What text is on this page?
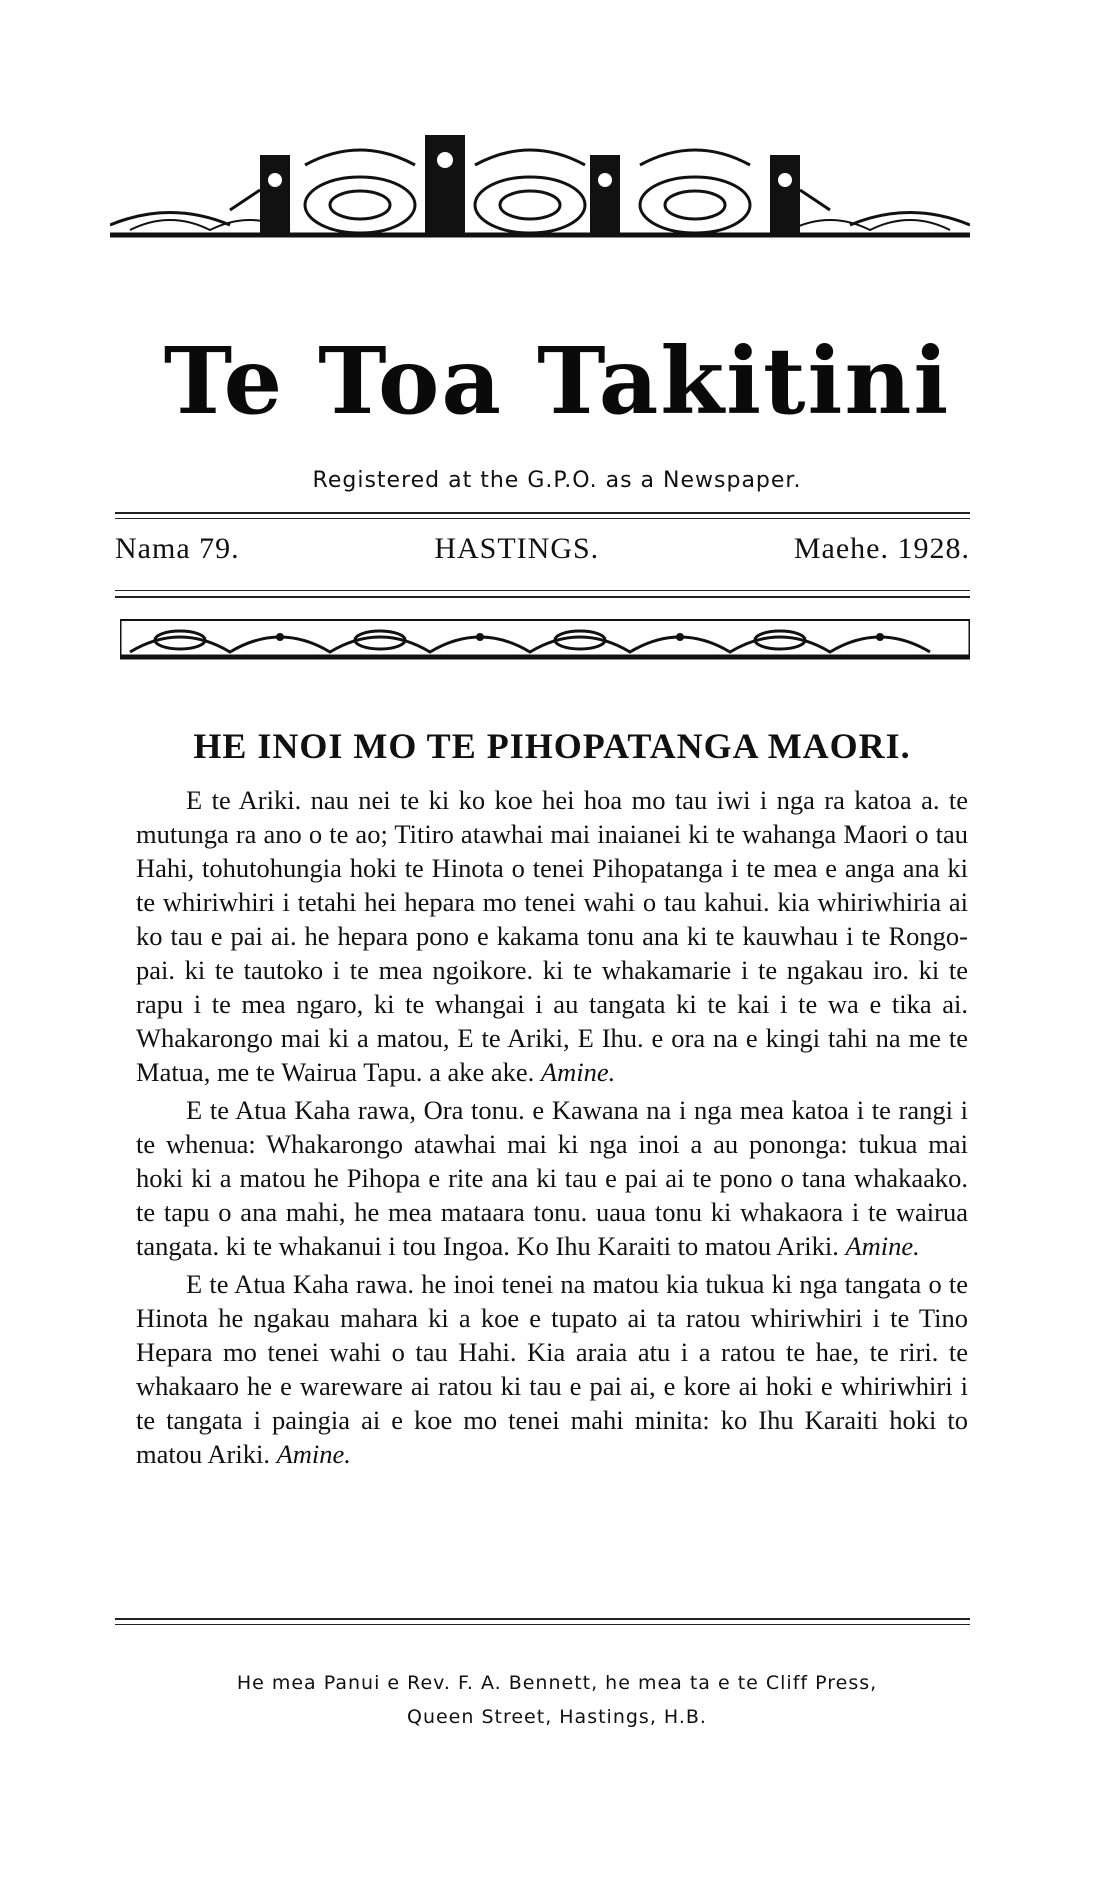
Te Toa Takitini
Registered at the G.P.O. as a Newspaper.
Nama 79.	HASTINGS.	Maehe. 1928.
HE INOI MO TE PIHOPATANGA MAORI.

E te Ariki. nau nei te ki ko koe hei hoa mo tau iwi i nga ra katoa a. te mutunga ra ano o te ao; Titiro atawhai mai inaianei ki te wahanga Maori o tau Hahi, tohutohungia hoki te Hinota o tenei Pihopatanga i te mea e anga ana ki te whiriwhiri i tetahi hei hepara mo tenei wahi o tau kahui. kia whiriwhiria ai ko tau e pai ai. he hepara pono e kakama tonu ana ki te kauwhau i te Rongo-pai. ki te tautoko i te mea ngoikore. ki te whakamarie i te ngakau iro. ki te rapu i te mea ngaro, ki te whangai i au tangata ki te kai i te wa e tika ai. Whakarongo mai ki a matou, E te Ariki, E Ihu. e ora na e kingi tahi na me te Matua, me te Wairua Tapu. a ake ake. Amine.

E te Atua Kaha rawa, Ora tonu. e Kawana na i nga mea katoa i te rangi i te whenua: Whakarongo atawhai mai ki nga inoi a au pononga: tukua mai hoki ki a matou he Pihopa e rite ana ki tau e pai ai te pono o tana whakaako. te tapu o ana mahi, he mea mataara tonu. uaua tonu ki whakaora i te wairua tangata. ki te whakanui i tou Ingoa. Ko Ihu Karaiti to matou Ariki. Amine.

E te Atua Kaha rawa. he inoi tenei na matou kia tukua ki nga tangata o te Hinota he ngakau mahara ki a koe e tupato ai ta ratou whiriwhiri i te Tino Hepara mo tenei wahi o tau Hahi. Kia araia atu i a ratou te hae, te riri. te whakaaro he e wareware ai ratou ki tau e pai ai, e kore ai hoki e whiriwhiri i te tangata i paingia ai e koe mo tenei mahi minita: ko Ihu Karaiti hoki to matou Ariki. Amine.

He mea Panui e Rev. F. A. Bennett, he mea ta e te Cliff Press,
Queen Street, Hastings, H.B.
